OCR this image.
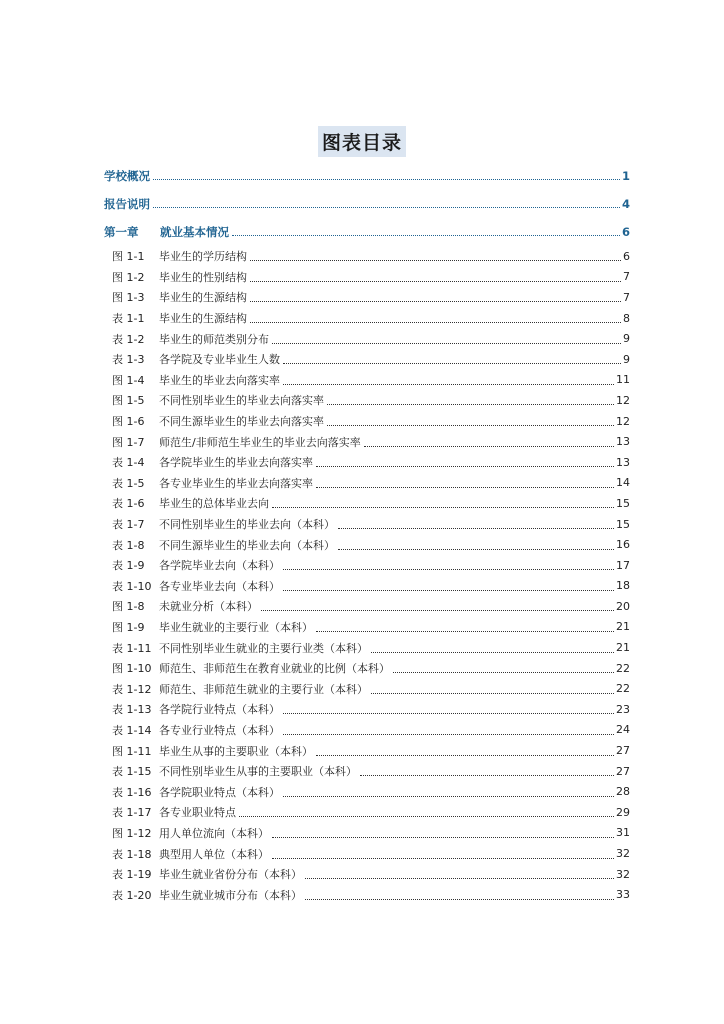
图表目录
学校概况	1
报告说明	4
第一章 就业基本情况	6
图 1-1 毕业生的学历结构	6
图 1-2 毕业生的性别结构	7
图 1-3 毕业生的生源结构	7
表 1-1 毕业生的生源结构	8
表 1-2 毕业生的师范类别分布	9
表 1-3 各学院及专业毕业生人数	9
图 1-4 毕业生的毕业去向落实率	11
图 1-5 不同性别毕业生的毕业去向落实率	12
图 1-6 不同生源毕业生的毕业去向落实率	12
图 1-7 师范生/非师范生毕业生的毕业去向落实率	13
表 1-4 各学院毕业生的毕业去向落实率	13
表 1-5 各专业毕业生的毕业去向落实率	14
表 1-6 毕业生的总体毕业去向	15
表 1-7 不同性别毕业生的毕业去向（本科）	15
表 1-8 不同生源毕业生的毕业去向（本科）	16
表 1-9 各学院毕业去向（本科）	17
表 1-10 各专业毕业去向（本科）	18
图 1-8 未就业分析（本科）	20
图 1-9 毕业生就业的主要行业（本科）	21
表 1-11 不同性别毕业生就业的主要行业类（本科）	21
图 1-10 师范生、非师范生在教育业就业的比例（本科）	22
表 1-12 师范生、非师范生就业的主要行业（本科）	22
表 1-13 各学院行业特点（本科）	23
表 1-14 各专业行业特点（本科）	24
图 1-11 毕业生从事的主要职业（本科）	27
表 1-15 不同性别毕业生从事的主要职业（本科）	27
表 1-16 各学院职业特点（本科）	28
表 1-17 各专业职业特点	29
图 1-12 用人单位流向（本科）	31
表 1-18 典型用人单位（本科）	32
表 1-19 毕业生就业省份分布（本科）	32
表 1-20 毕业生就业城市分布（本科）	33
